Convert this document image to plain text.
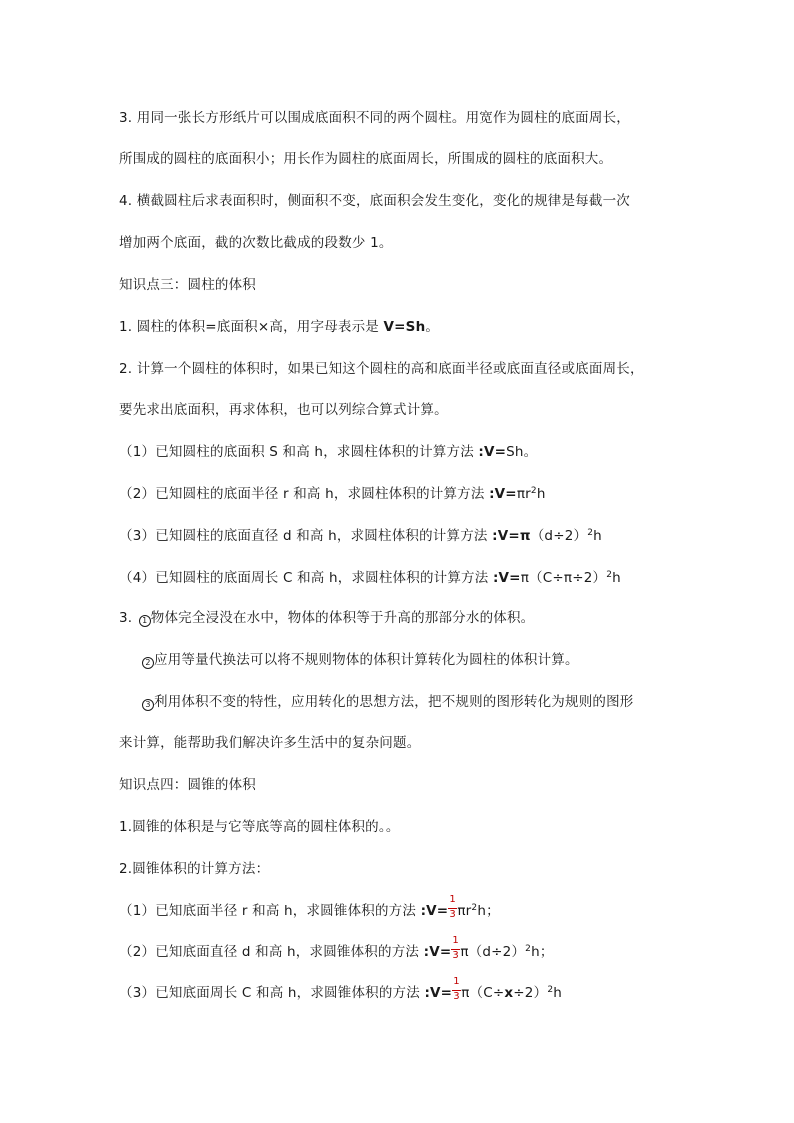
3. 用同一张长方形纸片可以围成底面积不同的两个圆柱。用宽作为圆柱的底面周长，
所围成的圆柱的底面积小；用长作为圆柱的底面周长，所围成的圆柱的底面积大。
4. 横截圆柱后求表面积时，侧面积不变，底面积会发生变化，变化的规律是每截一次
增加两个底面，截的次数比截成的段数少 1。
知识点三：圆柱的体积
1. 圆柱的体积=底面积×高，用字母表示是 V=Sh。
2. 计算一个圆柱的体积时，如果已知这个圆柱的高和底面半径或底面直径或底面周长，
要先求出底面积，再求体积，也可以列综合算式计算。
（1）已知圆柱的底面积 S 和高 h，求圆柱体积的计算方法 :V=Sh。
（2）已知圆柱的底面半径 r 和高 h，求圆柱体积的计算方法 $:V=\pi r^2h$
（3）已知圆柱的底面直径 d 和高 h，求圆柱体积的计算方法 $:V=\pi(d\div 2)^2h$
（4）已知圆柱的底面周长 C 和高 h，求圆柱体积的计算方法 $:V=\pi(C\div\pi\div 2)^2h$
3. 1 物体完全浸没在水中，物体的体积等于升高的那部分水的体积。
2 应用等量代换法可以将不规则物体的体积计算转化为圆柱的体积计算。
3 利用体积不变的特性，应用转化的思想方法，把不规则的图形转化为规则的图形
来计算，能帮助我们解决许多生活中的复杂问题。
知识点四：圆锥的体积
1.圆锥的体积是与它等底等高的圆柱体积的。。
2.圆锥体积的计算方法：
（1）已知底面半径 r 和高 h，求圆锥体积的方法 :V= $\frac{1}{3} \pi r^2h$；
（2）已知底面直径 d 和高 h，求圆锥体积的方法 :V= $\frac{1}{3} \pi(d\div 2)^2h$；
（3）已知底面周长 C 和高 h，求圆锥体积的方法 :V= $\frac{1}{3} \pi(C\div x\div 2)^2h$
